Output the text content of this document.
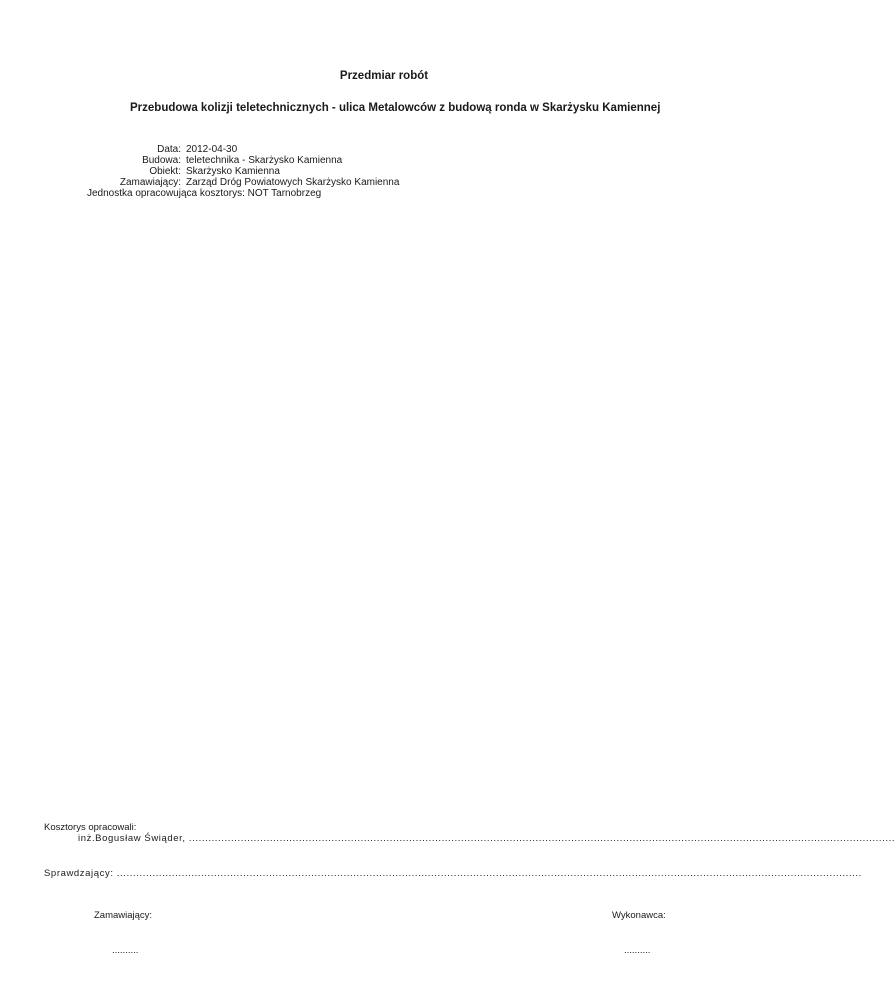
Przedmiar robót
Przebudowa kolizji teletechnicznych - ulica Metalowców z budową ronda w Skarżysku Kamiennej
Data: 2012-04-30
Budowa: teletechnika - Skarżysko Kamienna
Obiekt: Skarżysko Kamienna
Zamawiający: Zarząd Dróg Powiatowych Skarżysko Kamienna
Jednostka opracowująca kosztorys: NOT Tarnobrzeg
Kosztorys opracowali:
inż.Bogusław Świąder, ..........................................................................................................................................................................................................................
Sprawdzający: ......................................................................................................................................................................................................................................
Zamawiający:
..........
Wykonawca:
..........
